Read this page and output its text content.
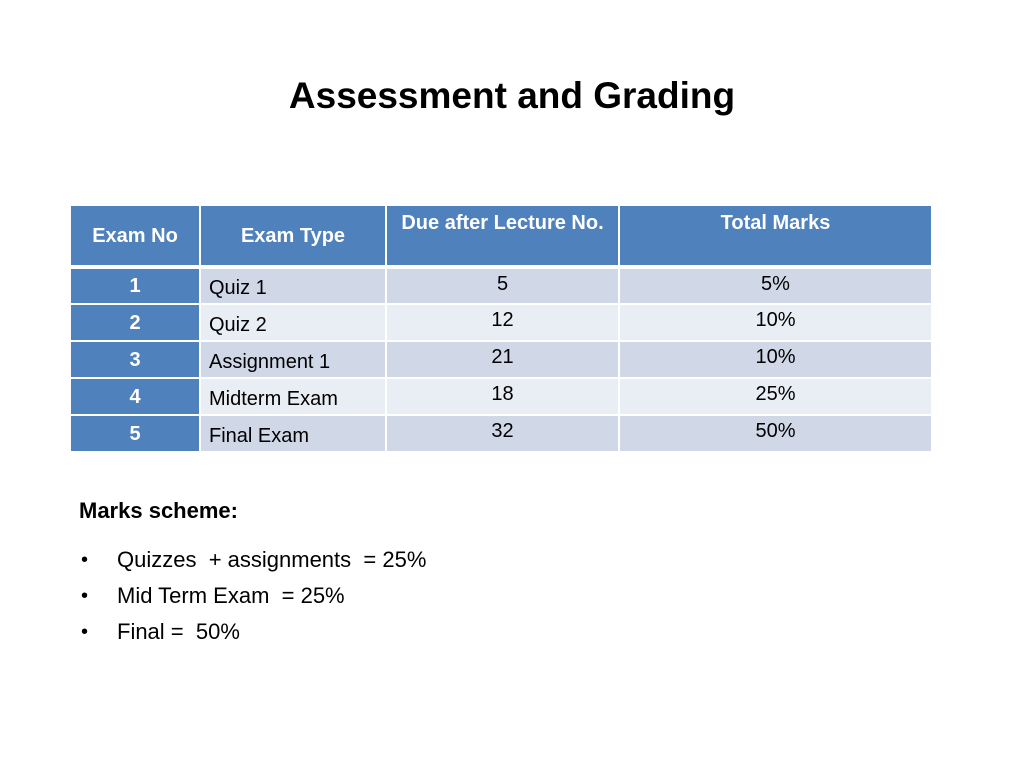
Assessment and Grading
Exam No	Exam Type	Due after Lecture No.	Total Marks
1	Quiz 1	5	5%
2	Quiz 2	12	10%
3	Assignment 1	21	10%
4	Midterm Exam	18	25%
5	Final Exam	32	50%

Marks scheme:

• Quizzes  + assignments  = 25%
• Mid Term Exam  = 25%
• Final =  50%
